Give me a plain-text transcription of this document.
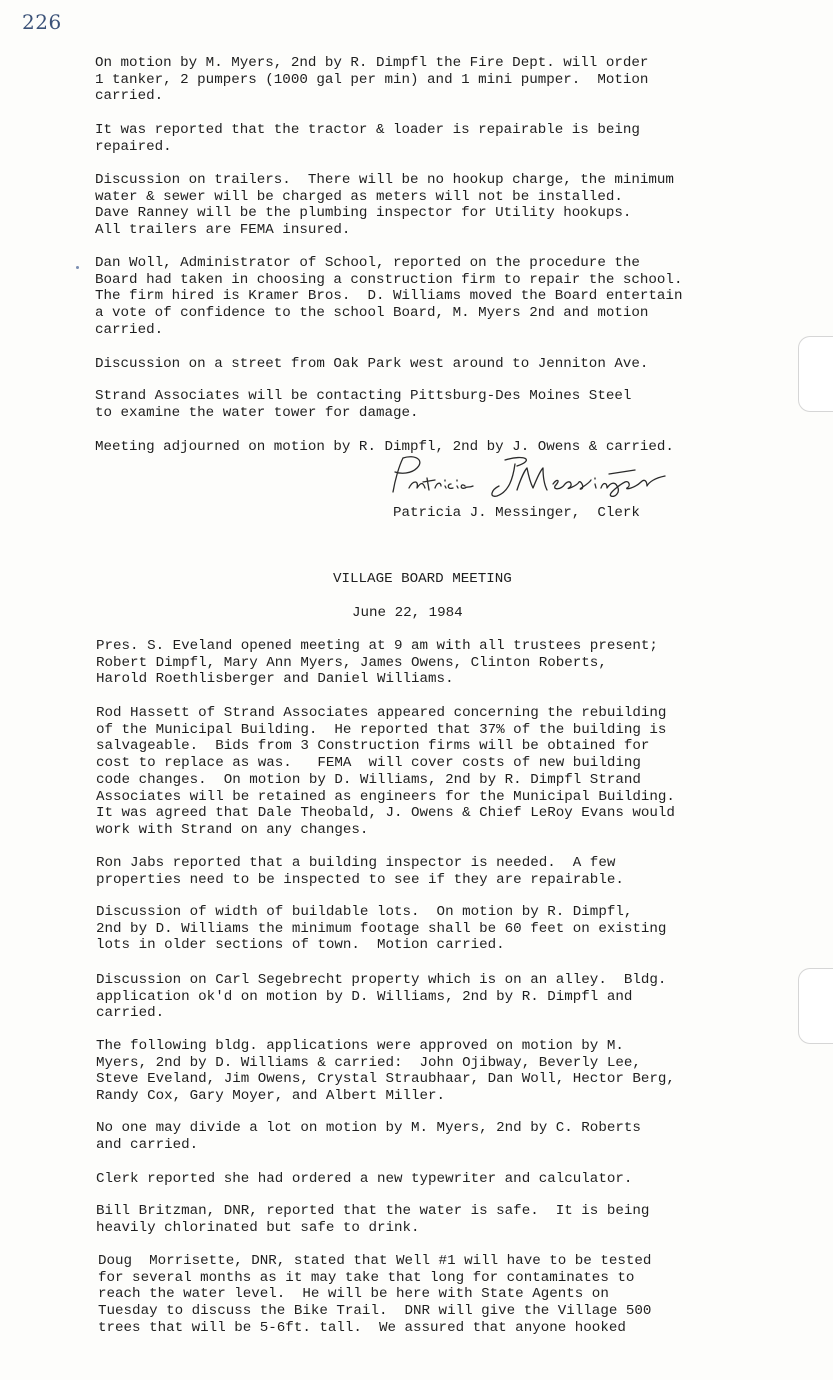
226
On motion by M. Myers, 2nd by R. Dimpfl the Fire Dept. will order
1 tanker, 2 pumpers (1000 gal per min) and 1 mini pumper.  Motion
carried.
It was reported that the tractor & loader is repairable is being
repaired.
Discussion on trailers.  There will be no hookup charge, the minimum
water & sewer will be charged as meters will not be installed.
Dave Ranney will be the plumbing inspector for Utility hookups.
All trailers are FEMA insured.
Dan Woll, Administrator of School, reported on the procedure the
Board had taken in choosing a construction firm to repair the school.
The firm hired is Kramer Bros.  D. Williams moved the Board entertain
a vote of confidence to the school Board, M. Myers 2nd and motion
carried.
Discussion on a street from Oak Park west around to Jenniton Ave.
Strand Associates will be contacting Pittsburg-Des Moines Steel
to examine the water tower for damage.
Meeting adjourned on motion by R. Dimpfl, 2nd by J. Owens & carried.
Patricia J. Messinger,  Clerk
VILLAGE BOARD MEETING
June 22, 1984
Pres. S. Eveland opened meeting at 9 am with all trustees present;
Robert Dimpfl, Mary Ann Myers, James Owens, Clinton Roberts,
Harold Roethlisberger and Daniel Williams.
Rod Hassett of Strand Associates appeared concerning the rebuilding
of the Municipal Building.  He reported that 37% of the building is
salvageable.  Bids from 3 Construction firms will be obtained for
cost to replace as was.   FEMA  will cover costs of new building
code changes.  On motion by D. Williams, 2nd by R. Dimpfl Strand
Associates will be retained as engineers for the Municipal Building.
It was agreed that Dale Theobald, J. Owens & Chief LeRoy Evans would
work with Strand on any changes.
Ron Jabs reported that a building inspector is needed.  A few
properties need to be inspected to see if they are repairable.
Discussion of width of buildable lots.  On motion by R. Dimpfl,
2nd by D. Williams the minimum footage shall be 60 feet on existing
lots in older sections of town.  Motion carried.
Discussion on Carl Segebrecht property which is on an alley.  Bldg.
application ok'd on motion by D. Williams, 2nd by R. Dimpfl and
carried.
The following bldg. applications were approved on motion by M.
Myers, 2nd by D. Williams & carried:  John Ojibway, Beverly Lee,
Steve Eveland, Jim Owens, Crystal Straubhaar, Dan Woll, Hector Berg,
Randy Cox, Gary Moyer, and Albert Miller.
No one may divide a lot on motion by M. Myers, 2nd by C. Roberts
and carried.
Clerk reported she had ordered a new typewriter and calculator.
Bill Britzman, DNR, reported that the water is safe.  It is being
heavily chlorinated but safe to drink.
Doug  Morrisette, DNR, stated that Well #1 will have to be tested
for several months as it may take that long for contaminates to
reach the water level.  He will be here with State Agents on
Tuesday to discuss the Bike Trail.  DNR will give the Village 500
trees that will be 5-6ft. tall.  We assured that anyone hooked
